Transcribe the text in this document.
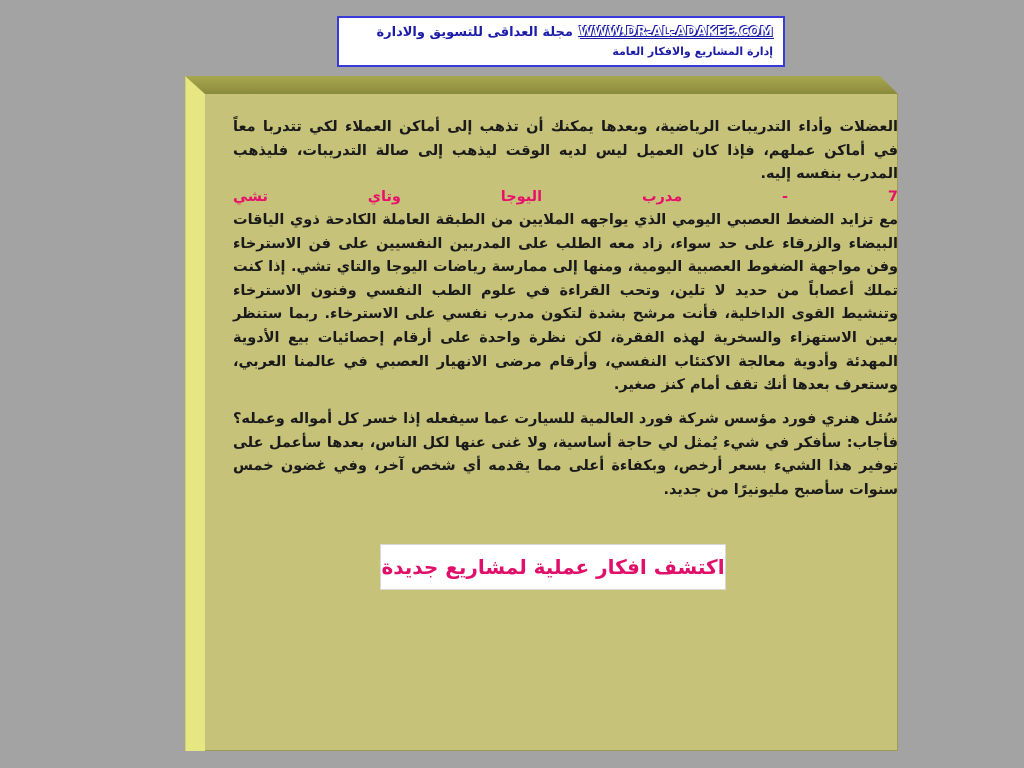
WWW.DR-AL-ADAKEE.COMمجلة العداقى للتسويق والادارة
إدارة المشاريع والافكار العامة

العضلات وأداء التدريبات الرياضية، وبعدها يمكنك أن تذهب إلى أماكن العملاء لكي تتدربا معاً في أماكن عملهم، فإذا كان العميل ليس لديه الوقت ليذهب إلى صالة التدريبات، فليذهب المدرب بنفسه إليه.

7
-
مدرب
اليوجا
وتاي
تشي

مع تزايد الضغط العصبي اليومي الذي يواجهه الملايين من الطبقة العاملة الكادحة ذوي الياقات البيضاء والزرقاء على حد سواء، زاد معه الطلب على المدربين النفسيين على فن الاسترخاء وفن مواجهة الضغوط العصبية اليومية، ومنها إلى ممارسة رياضات اليوجا والتاي تشي. إذا كنت تملك أعصاباً من حديد لا تلين، وتحب القراءة في علوم الطب النفسي وفنون الاسترخاء وتنشيط القوى الداخلية، فأنت مرشح بشدة لتكون مدرب نفسي على الاسترخاء. ربما ستنظر بعين الاستهزاء والسخرية لهذه الفقرة، لكن نظرة واحدة على أرقام إحصائيات بيع الأدوية المهدئة وأدوية معالجة الاكتئاب النفسي، وأرقام مرضى الانهيار العصبي في عالمنا العربي، وستعرف بعدها أنك تقف أمام كنز صغير.

سُئل هنري فورد مؤسس شركة فورد العالمية للسيارت عما سيفعله إذا خسر كل أمواله وعمله؟ فأجاب: سأفكر في شيء يُمثل لي حاجة أساسية، ولا غنى عنها لكل الناس، بعدها سأعمل على توفير هذا الشيء بسعر أرخص، وبكفاءة أعلى مما يقدمه أي شخص آخر، وفي غضون خمس سنوات سأصبح مليونيرًا من جديد.

اكتشف افكار عملية لمشاريع جديدة
